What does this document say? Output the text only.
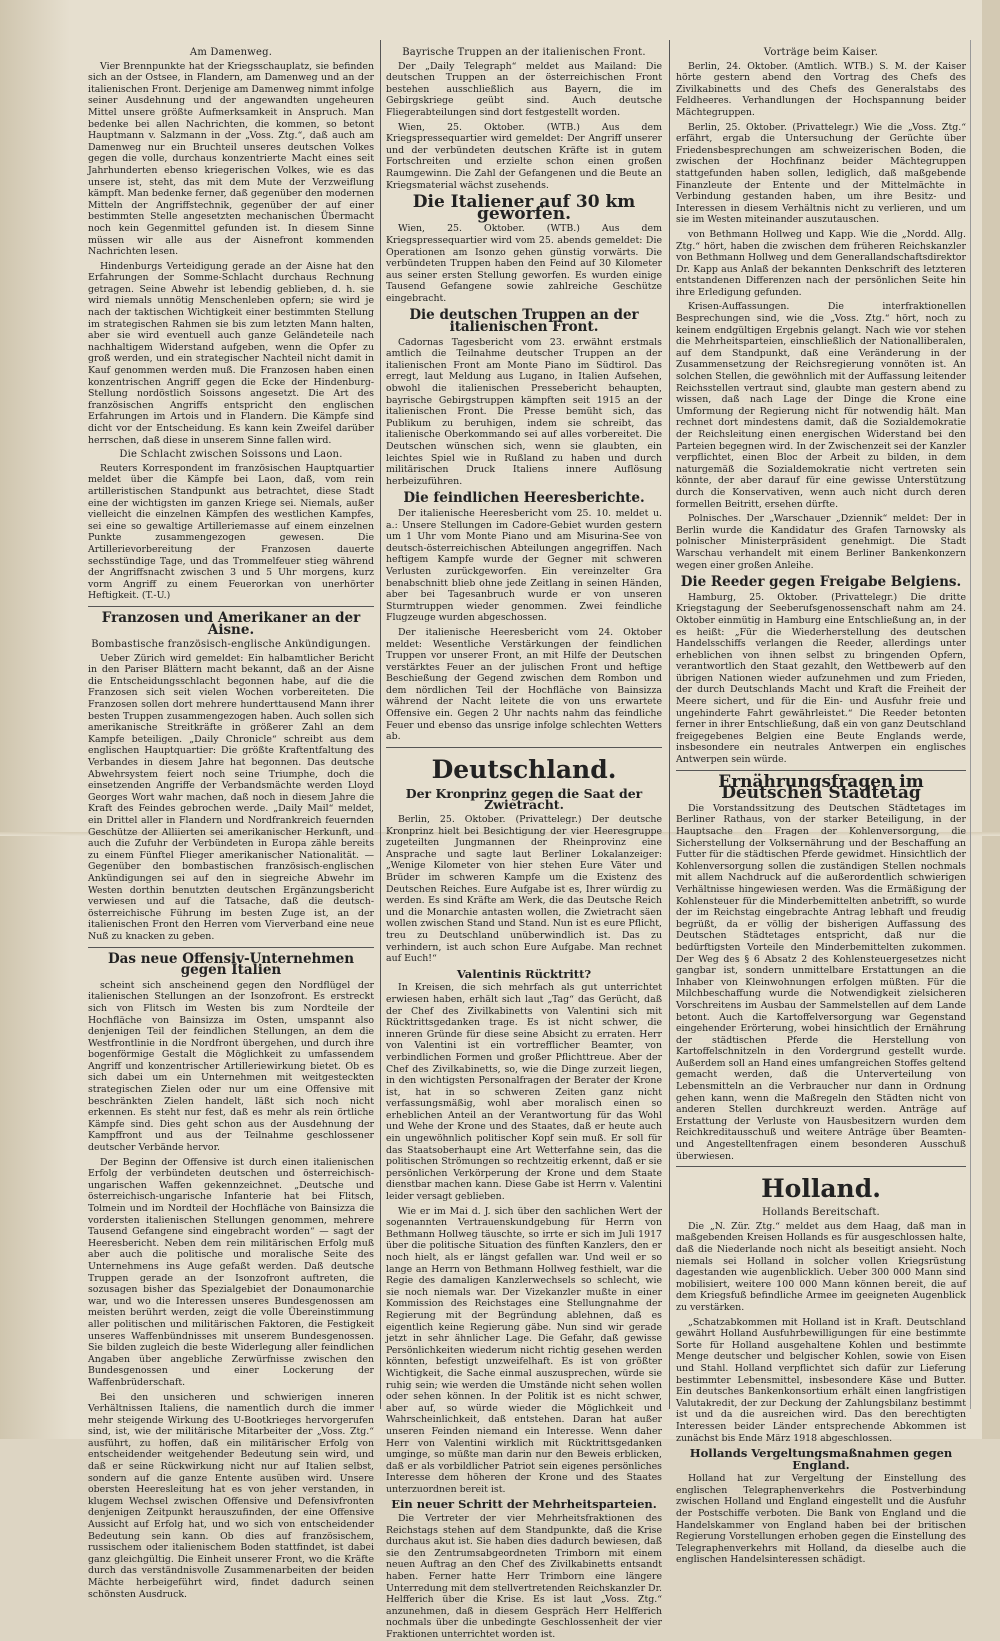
Am Damenweg.

Vier Brennpunkte hat der Kriegsschauplatz, sie befinden sich an der Ostsee, in Flandern, am Damenweg und an der italienischen Front. Derjenige am Damenweg nimmt infolge seiner Ausdehnung und der angewandten ungeheuren Mittel unsere größte Aufmerksamkeit in Anspruch. Man bedenke bei allen Nachrichten, die kommen, so betont Hauptmann v. Salzmann in der „Voss. Ztg.“, daß auch am Damenweg nur ein Bruchteil unseres deutschen Volkes gegen die volle, durchaus konzentrierte Macht eines seit Jahrhunderten ebenso kriegerischen Volkes, wie es das unsere ist, steht, das mit dem Mute der Verzweiflung kämpft. Man bedenke ferner, daß gegenüber den modernen Mitteln der Angriffstechnik, gegenüber der auf einer bestimmten Stelle angesetzten mechanischen Übermacht noch kein Gegenmittel gefunden ist. In diesem Sinne müssen wir alle aus der Aisnefront kommenden Nachrichten lesen.

Hindenburgs Verteidigung gerade an der Aisne hat den Erfahrungen der Somme-Schlacht durchaus Rechnung getragen. Seine Abwehr ist lebendig geblieben, d. h. sie wird niemals unnötig Menschenleben opfern; sie wird je nach der taktischen Wichtigkeit einer bestimmten Stellung im strategischen Rahmen sie bis zum letzten Mann halten, aber sie wird eventuell auch ganze Geländeteile nach nachhaltigem Widerstand aufgeben, wenn die Opfer zu groß werden, und ein strategischer Nachteil nicht damit in Kauf genommen werden muß. Die Franzosen haben einen konzentrischen Angriff gegen die Ecke der Hindenburg-Stellung nordöstlich Soissons angesetzt. Die Art des französischen Angriffs entspricht den englischen Erfahrungen im Artois und in Flandern. Die Kämpfe sind dicht vor der Entscheidung. Es kann kein Zweifel darüber herrschen, daß diese in unserem Sinne fallen wird.

Die Schlacht zwischen Soissons und Laon.

Reuters Korrespondent im französischen Hauptquartier meldet über die Kämpfe bei Laon, daß, vom rein artilleristischen Standpunkt aus betrachtet, diese Stadt eine der wichtigsten im ganzen Kriege sei. Niemals, außer vielleicht die einzelnen Kämpfen des westlichen Kampfes, sei eine so gewaltige Artilleriemasse auf einem einzelnen Punkte zusammengezogen gewesen. Die Artillerievorbereitung der Franzosen dauerte sechsstündige Tage, und das Trommelfeuer stieg während der Angriffsnacht zwischen 3 und 5 Uhr morgens, kurz vorm Angriff zu einem Feuerorkan von unerhörter Heftigkeit. (T.-U.)

Franzosen und Amerikaner an der Aisne.
Bombastische französisch-englische Ankündigungen.

Ueber Zürich wird gemeldet: Ein halbamtlicher Bericht in den Pariser Blättern macht bekannt, daß an der Aisne die Entscheidungsschlacht begonnen habe, auf die die Franzosen sich seit vielen Wochen vorbereiteten. Die Franzosen sollen dort mehrere hunderttausend Mann ihrer besten Truppen zusammengezogen haben. Auch sollen sich amerikanische Streitkräfte in größerer Zahl an dem Kampfe beteiligen. „Daily Chronicle“ schreibt aus dem englischen Hauptquartier: Die größte Kraftentfaltung des Verbandes in diesem Jahre hat begonnen. Das deutsche Abwehrsystem feiert noch seine Triumphe, doch die einsetzenden Angriffe der Verbandsmächte werden Lloyd Georges Wort wahr machen, daß noch in diesem Jahre die Kraft des Feindes gebrochen werde. „Daily Mail“ meldet, ein Drittel aller in Flandern und Nordfrankreich feuernden Geschütze der Alliierten sei amerikanischer Herkunft, und auch die Zufuhr der Verbündeten in Europa zähle bereits zu einem Fünftel Flieger amerikanischer Nationalität. — Gegenüber den bombastischen französisch-englischen Ankündigungen sei auf den in siegreiche Abwehr im Westen dorthin benutzten deutschen Ergänzungsbericht verwiesen und auf die Tatsache, daß die deutsch-österreichische Führung im besten Zuge ist, an der italienischen Front den Herren vom Vierverband eine neue Nuß zu knacken zu geben.

Das neue Offensiv-Unternehmen gegen Italien

scheint sich anscheinend gegen den Nordflügel der italienischen Stellungen an der Isonzofront. Es erstreckt sich von Flitsch im Westen bis zum Nordteile der Hochfläche von Bainsizza im Osten, umspannt also denjenigen Teil der feindlichen Stellungen, an dem die Westfrontlinie in die Nordfront übergehen, und durch ihre bogenförmige Gestalt die Möglichkeit zu umfassendem Angriff und konzentrischer Artilleriewirkung bietet. Ob es sich dabei um ein Unternehmen mit weitgesteckten strategischen Zielen oder nur um eine Offensive mit beschränkten Zielen handelt, läßt sich noch nicht erkennen. Es steht nur fest, daß es mehr als rein örtliche Kämpfe sind. Dies geht schon aus der Ausdehnung der Kampffront und aus der Teilnahme geschlossener deutscher Verbände hervor.

Der Beginn der Offensive ist durch einen italienischen Erfolg der verbündeten deutschen und österreichisch-ungarischen Waffen gekennzeichnet. „Deutsche und österreichisch-ungarische Infanterie hat bei Flitsch, Tolmein und im Nordteil der Hochfläche von Bainsizza die vordersten italienischen Stellungen genommen, mehrere Tausend Gefangene sind eingebracht worden“ — sagt der Heeresbericht. Neben dem rein militärischen Erfolg muß aber auch die politische und moralische Seite des Unternehmens ins Auge gefaßt werden. Daß deutsche Truppen gerade an der Isonzofront auftreten, die sozusagen bisher das Spezialgebiet der Donaumonarchie war, und wo die Interessen unseres Bundesgenossen am meisten berührt werden, zeigt die volle Übereinstimmung aller politischen und militärischen Faktoren, die Festigkeit unseres Waffenbündnisses mit unserem Bundesgenossen. Sie bilden zugleich die beste Widerlegung aller feindlichen Angaben über angebliche Zerwürfnisse zwischen den Bundesgenossen und einer Lockerung der Waffenbrüderschaft.

Bei den unsicheren und schwierigen inneren Verhältnissen Italiens, die namentlich durch die immer mehr steigende Wirkung des U-Bootkrieges hervorgerufen sind, ist, wie der militärische Mitarbeiter der „Voss. Ztg.“ ausführt, zu hoffen, daß ein militärischer Erfolg von entscheidender weitgehender Bedeutung sein wird, und daß er seine Rückwirkung nicht nur auf Italien selbst, sondern auf die ganze Entente ausüben wird. Unsere obersten Heeresleitung hat es von jeher verstanden, in klugem Wechsel zwischen Offensive und Defensivfronten denjenigen Zeitpunkt herauszufinden, der eine Offensive Aussicht auf Erfolg hat, und wo sich von entscheidender Bedeutung sein kann. Ob dies auf französischem, russischem oder italienischem Boden stattfindet, ist dabei ganz gleichgültig. Die Einheit unserer Front, wo die Kräfte durch das verständnisvolle Zusammenarbeiten der beiden Mächte herbeigeführt wird, findet dadurch seinen schönsten Ausdruck.

Bayrische Truppen an der italienischen Front.

Der „Daily Telegraph“ meldet aus Mailand: Die deutschen Truppen an der österreichischen Front bestehen ausschließlich aus Bayern, die im Gebirgskriege geübt sind. Auch deutsche Fliegerabteilungen sind dort festgestellt worden.

Wien, 25. Oktober. (WTB.) Aus dem Kriegspressequartier wird gemeldet: Der Angriff unserer und der verbündeten deutschen Kräfte ist in gutem Fortschreiten und erzielte schon einen großen Raumgewinn. Die Zahl der Gefangenen und die Beute an Kriegsmaterial wächst zusehends.

Die Italiener auf 30 km geworfen.

Wien, 25. Oktober. (WTB.) Aus dem Kriegspressequartier wird vom 25. abends gemeldet: Die Operationen am Isonzo gehen günstig vorwärts. Die verbündeten Truppen haben den Feind auf 30 Kilometer aus seiner ersten Stellung geworfen. Es wurden einige Tausend Gefangene sowie zahlreiche Geschütze eingebracht.

Die deutschen Truppen an der italienischen Front.

Cadornas Tagesbericht vom 23. erwähnt erstmals amtlich die Teilnahme deutscher Truppen an der italienischen Front am Monte Piano im Südtirol. Das erregt, laut Meldung aus Lugano, in Italien Aufsehen, obwohl die italienischen Pressebericht behaupten, bayrische Gebirgstruppen kämpften seit 1915 an der italienischen Front. Die Presse bemüht sich, das Publikum zu beruhigen, indem sie schreibt, das italienische Oberkommando sei auf alles vorbereitet. Die Deutschen wünschen sich, wenn sie glaubten, ein leichtes Spiel wie in Rußland zu haben und durch militärischen Druck Italiens innere Auflösung herbeizuführen.

Die feindlichen Heeresberichte.

Der italienische Heeresbericht vom 25. 10. meldet u. a.: Unsere Stellungen im Cadore-Gebiet wurden gestern um 1 Uhr vom Monte Piano und am Misurina-See von deutsch-österreichischen Abteilungen angegriffen. Nach heftigem Kampfe wurde der Gegner mit schweren Verlusten zurückgeworfen. Ein vereinzelter Gra benabschnitt blieb ohne jede Zeitlang in seinen Händen, aber bei Tagesanbruch wurde er von unseren Sturmtruppen wieder genommen. Zwei feindliche Flugzeuge wurden abgeschossen.

Der italienische Heeresbericht vom 24. Oktober meldet: Wesentliche Verstärkungen der feindlichen Truppen vor unserer Front, an mit Hilfe der Deutschen verstärktes Feuer an der julischen Front und heftige Beschießung der Gegend zwischen dem Rombon und dem nördlichen Teil der Hochfläche von Bainsizza während der Nacht leitete die von uns erwartete Offensive ein. Gegen 2 Uhr nachts nahm das feindliche Feuer und ebenso das unsrige infolge schlechten Wetters ab.

Deutschland.
Der Kronprinz gegen die Saat der Zwietracht.

Berlin, 25. Oktober. (Privattelegr.) Der deutsche Kronprinz hielt bei Besichtigung der vier Heeresgruppe zugeteilten Jungmannen der Rheinprovinz eine Ansprache und sagte laut Berliner Lokalanzeiger: „Wenige Kilometer von hier stehen Eure Väter und Brüder im schweren Kampfe um die Existenz des Deutschen Reiches. Eure Aufgabe ist es, Ihrer würdig zu werden. Es sind Kräfte am Werk, die das Deutsche Reich und die Monarchie antasten wollen, die Zwietracht säen wollen zwischen Stand und Stand. Nun ist es eure Pflicht, treu zu Deutschland unüberwindlich ist. Das zu verhindern, ist auch schon Eure Aufgabe. Man rechnet auf Euch!“

Valentinis Rücktritt?

In Kreisen, die sich mehrfach als gut unterrichtet erwiesen haben, erhält sich laut „Tag“ das Gerücht, daß der Chef des Zivilkabinetts von Valentini sich mit Rücktrittsgedanken trage. Es ist nicht schwer, die inneren Gründe für diese seine Absicht zu erraten. Herr von Valentini ist ein vortrefflicher Beamter, von verbindlichen Formen und großer Pflichttreue. Aber der Chef des Zivilkabinetts, so, wie die Dinge zurzeit liegen, in den wichtigsten Personalfragen der Berater der Krone ist, hat in so schweren Zeiten ganz nicht verfassungsmäßig, wohl aber moralisch einen so erheblichen Anteil an der Verantwortung für das Wohl und Wehe der Krone und des Staates, daß er heute auch ein ungewöhnlich politischer Kopf sein muß. Er soll für das Staatsoberhaupt eine Art Wetterfahne sein, das die politischen Strömungen so rechtzeitig erkennt, daß er sie persönlichen Verkörperung der Krone und dem Staate dienstbar machen kann. Diese Gabe ist Herrn v. Valentini leider versagt geblieben.

Wie er im Mai d. J. sich über den sachlichen Wert der sogenannten Vertrauenskundgebung für Herrn von Bethmann Hollweg täuschte, so irrte er sich im Juli 1917 über die politische Situation des fünften Kanzlers, den er noch hielt, als er längst gefallen war. Und weil er so lange an Herrn von Bethmann Hollweg festhielt, war die Regie des damaligen Kanzlerwechsels so schlecht, wie sie noch niemals war. Der Vizekanzler mußte in einer Kommission des Reichstages eine Stellungnahme der Regierung mit der Begründung ablehnen, daß es eigentlich keine Regierung gäbe. Nun sind wir gerade jetzt in sehr ähnlicher Lage. Die Gefahr, daß gewisse Persönlichkeiten wiederum nicht richtig gesehen werden könnten, befestigt unzweifelhaft. Es ist von größter Wichtigkeit, die Sache einmal auszusprechen, würde sie ruhig sein; wie werden die Umstände nicht sehen wollen oder sehen können. In der Politik ist es nicht schwer, aber auf, so würde wieder die Möglichkeit und Wahrscheinlichkeit, daß entstehen. Daran hat außer unseren Feinden niemand ein Interesse. Wenn daher Herr von Valentini wirklich mit Rücktrittsgedanken umginge, so müßte man darin nur den Beweis erblicken, daß er als vorbildlicher Patriot sein eigenes persönliches Interesse dem höheren der Krone und des Staates unterzuordnen bereit ist.

Ein neuer Schritt der Mehrheitsparteien.

Die Vertreter der vier Mehrheitsfraktionen des Reichstags stehen auf dem Standpunkte, daß die Krise durchaus akut ist. Sie haben dies dadurch bewiesen, daß sie den Zentrumsabgeordneten Trimborn mit einem neuen Auftrag an den Chef des Zivilkabinetts entsandt haben. Ferner hatte Herr Trimborn eine längere Unterredung mit dem stellvertretenden Reichskanzler Dr. Helfferich über die Krise. Es ist laut „Voss. Ztg.“ anzunehmen, daß in diesem Gespräch Herr Helfferich nochmals über die unbedingte Geschlossenheit der vier Fraktionen unterrichtet worden ist.

Vorträge beim Kaiser.

Berlin, 24. Oktober. (Amtlich. WTB.) S. M. der Kaiser hörte gestern abend den Vortrag des Chefs des Zivilkabinetts und des Chefs des Generalstabs des Feldheeres. Verhandlungen der Hochspannung beider Mächtegruppen.

Berlin, 25. Oktober. (Privattelegr.) Wie die „Voss. Ztg.“ erfährt, ergab die Untersuchung der Gerüchte über Friedensbesprechungen am schweizerischen Boden, die zwischen der Hochfinanz beider Mächtegruppen stattgefunden haben sollen, lediglich, daß maßgebende Finanzleute der Entente und der Mittelmächte in Verbindung gestanden haben, um ihre Besitz- und Interessen in diesem Verhältnis nicht zu verlieren, und um sie im Westen miteinander auszutauschen.

von Bethmann Hollweg und Kapp. Wie die „Nordd. Allg. Ztg.“ hört, haben die zwischen dem früheren Reichskanzler von Bethmann Hollweg und dem Generallandschaftsdirektor Dr. Kapp aus Anlaß der bekannten Denkschrift des letzteren entstandenen Differenzen nach der persönlichen Seite hin ihre Erledigung gefunden.

Krisen-Auffassungen. Die interfraktionellen Besprechungen sind, wie die „Voss. Ztg.“ hört, noch zu keinem endgültigen Ergebnis gelangt. Nach wie vor stehen die Mehrheitsparteien, einschließlich der Nationalliberalen, auf dem Standpunkt, daß eine Veränderung in der Zusammensetzung der Reichsregierung vonnöten ist. An solchen Stellen, die gewöhnlich mit der Auffassung leitender Reichsstellen vertraut sind, glaubte man gestern abend zu wissen, daß nach Lage der Dinge die Krone eine Umformung der Regierung nicht für notwendig hält. Man rechnet dort mindestens damit, daß die Sozialdemokratie der Reichsleitung einen energischen Widerstand bei den Parteien begegnen wird. In der Zwischenzeit sei der Kanzler verpflichtet, einen Bloc der Arbeit zu bilden, in dem naturgemäß die Sozialdemokratie nicht vertreten sein könnte, der aber darauf für eine gewisse Unterstützung durch die Konservativen, wenn auch nicht durch deren formellen Beitritt, ersehen dürfte.

Polnisches. Der „Warschauer „Dziennik“ meldet: Der in Berlin wurde die Kandidatur des Grafen Tarnowsky als polnischer Ministerpräsident genehmigt. Die Stadt Warschau verhandelt mit einem Berliner Bankenkonzern wegen einer großen Anleihe.

Die Reeder gegen Freigabe Belgiens.

Hamburg, 25. Oktober. (Privattelegr.) Die dritte Kriegstagung der Seeberufsgenossenschaft nahm am 24. Oktober einmütig in Hamburg eine Entschließung an, in der es heißt: „Für die Wiederherstellung des deutschen Handelsschiffs verlangen die Reeder, allerdings unter erheblichen von ihnen selbst zu bringenden Opfern, verantwortlich den Staat gezahlt, den Wettbewerb auf den übrigen Nationen wieder aufzunehmen und zum Frieden, der durch Deutschlands Macht und Kraft die Freiheit der Meere sichert, und für die Ein- und Ausfuhr freie und ungehinderte Fahrt gewährleistet.“ Die Reeder betonten ferner in ihrer Entschließung, daß ein von ganz Deutschland freigegebenes Belgien eine Beute Englands werde, insbesondere ein neutrales Antwerpen ein englisches Antwerpen sein würde.

Ernährungsfragen im Deutschen Städtetag

Die Vorstandssitzung des Deutschen Städtetages im Berliner Rathaus, von der starker Beteiligung, in der Hauptsache den Fragen der Kohlenversorgung, die Sicherstellung der Volksernährung und der Beschaffung an Futter für die städtischen Pferde gewidmet. Hinsichtlich der Kohlenversorgung sollen die zuständigen Stellen nochmals mit allem Nachdruck auf die außerordentlich schwierigen Verhältnisse hingewiesen werden. Was die Ermäßigung der Kohlensteuer für die Minderbemittelten anbetrifft, so wurde der im Reichstag eingebrachte Antrag lebhaft und freudig begrüßt, da er völlig der bisherigen Auffassung des Deutschen Städtetages entspricht, daß nur die bedürftigsten Vorteile den Minderbemittelten zukommen. Der Weg des § 6 Absatz 2 des Kohlensteuergesetzes nicht gangbar ist, sondern unmittelbare Erstattungen an die Inhaber von Kleinwohnungen erfolgen müßten. Für die Milchbeschaffung wurde die Notwendigkeit zielsicheren Vorschreitens im Ausbau der Sammelstellen auf dem Lande betont. Auch die Kartoffelversorgung war Gegenstand eingehender Erörterung, wobei hinsichtlich der Ernährung der städtischen Pferde die Herstellung von Kartoffelschnitzeln in den Vordergrund gestellt wurde. Außerdem soll an Hand eines umfangreichen Stoffes geltend gemacht werden, daß die Unterverteilung von Lebensmitteln an die Verbraucher nur dann in Ordnung gehen kann, wenn die Maßregeln den Städten nicht von anderen Stellen durchkreuzt werden. Anträge auf Erstattung der Verluste von Hausbesitzern wurden dem Reichkreditausschuß und weitere Anträge über Beamten- und Angestelltenfragen einem besonderen Ausschuß überwiesen.

Holland.
Hollands Bereitschaft.

Die „N. Zür. Ztg.“ meldet aus dem Haag, daß man in maßgebenden Kreisen Hollands es für ausgeschlossen halte, daß die Niederlande noch nicht als beseitigt ansieht. Noch niemals sei Holland in solcher vollen Kriegsrüstung dagestanden wie augenblicklich. Ueber 300 000 Mann sind mobilisiert, weitere 100 000 Mann können bereit, die auf dem Kriegsfuß befindliche Armee im geeigneten Augenblick zu verstärken.

„Schatzabkommen mit Holland ist in Kraft. Deutschland gewährt Holland Ausfuhrbewilligungen für eine bestimmte Sorte für Holland ausgehaltene Kohlen und bestimmte Menge deutscher und belgischer Kohlen, sowie von Eisen und Stahl. Holland verpflichtet sich dafür zur Lieferung bestimmter Lebensmittel, insbesondere Käse und Butter. Ein deutsches Bankenkonsortium erhält einen langfristigen Valutakredit, der zur Deckung der Zahlungsbilanz bestimmt ist und da die ausreichen wird. Das den berechtigten Interessen beider Länder entsprechende Abkommen ist zunächst bis Ende März 1918 abgeschlossen.

Hollands Vergeltungsmaßnahmen gegen England.

Holland hat zur Vergeltung der Einstellung des englischen Telegraphenverkehrs die Postverbindung zwischen Holland und England eingestellt und die Ausfuhr der Postschiffe verboten. Die Bank von England und die Handelskammer von England haben bei der britischen Regierung Vorstellungen erhoben gegen die Einstellung des Telegraphenverkehrs mit Holland, da dieselbe auch die englischen Handelsinteressen schädigt.
